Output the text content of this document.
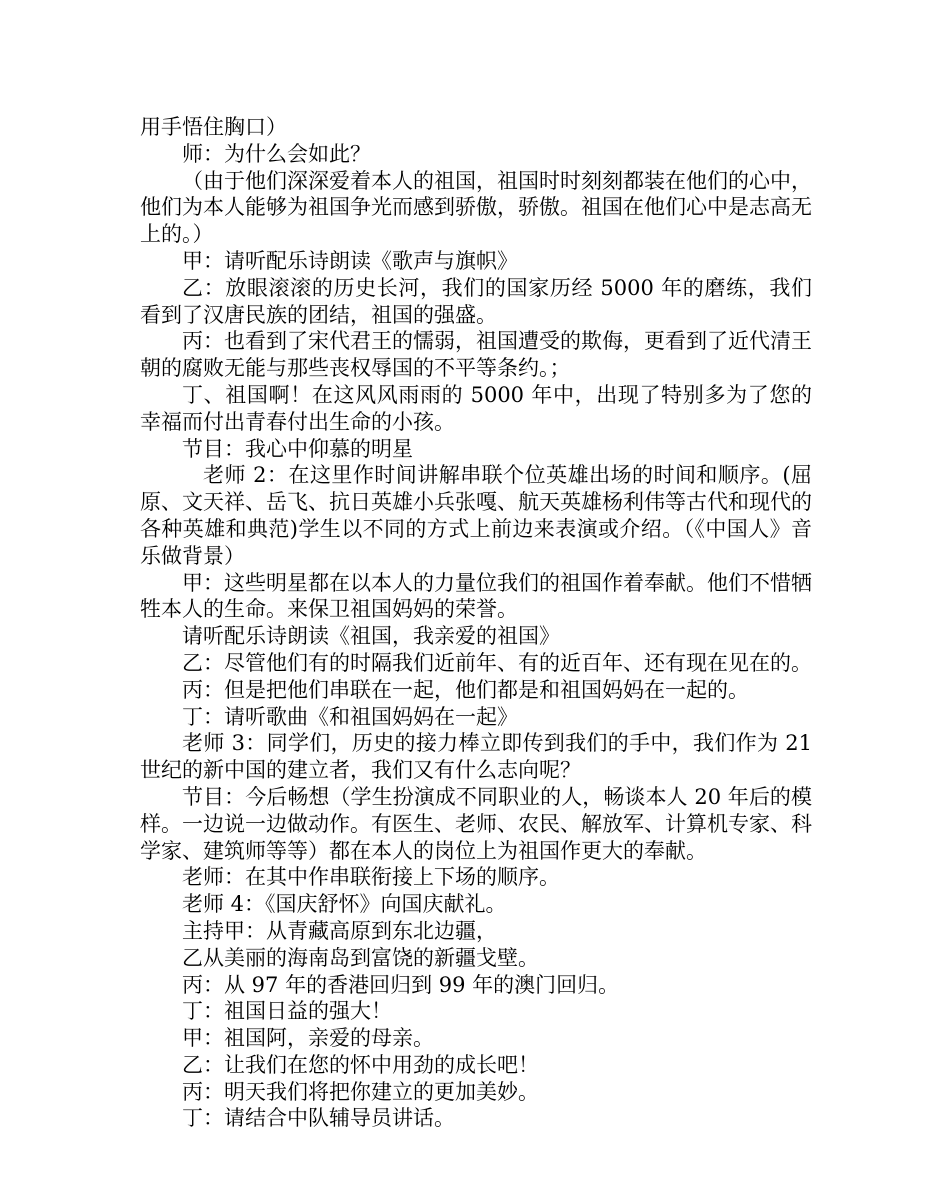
用手悟住胸口）

师：为什么会如此？

（由于他们深深爱着本人的祖国，祖国时时刻刻都装在他们的心中，他们为本人能够为祖国争光而感到骄傲，骄傲。祖国在他们心中是志高无上的。）

甲：请听配乐诗朗读《歌声与旗帜》

乙：放眼滚滚的历史长河，我们的国家历经 5000 年的磨练，我们看到了汉唐民族的团结，祖国的强盛。

丙：也看到了宋代君王的懦弱，祖国遭受的欺侮，更看到了近代清王朝的腐败无能与那些丧权辱国的不平等条约。；

丁、祖国啊！在这风风雨雨的 5000 年中，出现了特别多为了您的幸福而付出青春付出生命的小孩。

节目：我心中仰慕的明星

老师 2：在这里作时间讲解串联个位英雄出场的时间和顺序。(屈原、文天祥、岳飞、抗日英雄小兵张嘎、航天英雄杨利伟等古代和现代的各种英雄和典范)学生以不同的方式上前边来表演或介绍。（《中国人》音乐做背景）

甲：这些明星都在以本人的力量位我们的祖国作着奉献。他们不惜牺牲本人的生命。来保卫祖国妈妈的荣誉。

请听配乐诗朗读《祖国，我亲爱的祖国》

乙：尽管他们有的时隔我们近前年、有的近百年、还有现在见在的。

丙：但是把他们串联在一起，他们都是和祖国妈妈在一起的。

丁：请听歌曲《和祖国妈妈在一起》

老师 3：同学们，历史的接力棒立即传到我们的手中，我们作为 21 世纪的新中国的建立者，我们又有什么志向呢？

节目：今后畅想（学生扮演成不同职业的人，畅谈本人 20 年后的模样。一边说一边做动作。有医生、老师、农民、解放军、计算机专家、科学家、建筑师等等）都在本人的岗位上为祖国作更大的奉献。

老师：在其中作串联衔接上下场的顺序。

老师 4：《国庆舒怀》向国庆献礼。

主持甲：从青藏高原到东北边疆，

乙从美丽的海南岛到富饶的新疆戈壁。

丙：从 97 年的香港回归到 99 年的澳门回归。

丁：祖国日益的强大！

甲：祖国阿，亲爱的母亲。

乙：让我们在您的怀中用劲的成长吧！

丙：明天我们将把你建立的更加美妙。

丁：请结合中队辅导员讲话。
